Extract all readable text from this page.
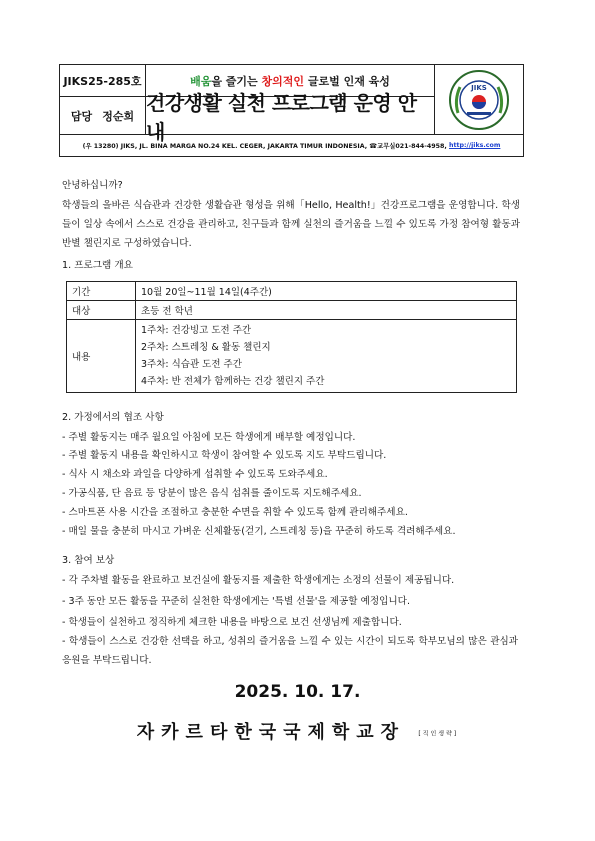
JIKS25-285호
담당 정순희
배움 을 즐기는 창의적인 글로벌 인재 육성
건강생활 실천 프로그램 운영 안내
JIKS
(우 13280) JIKS, JL. BINA MARGA NO.24 KEL. CEGER, JAKARTA TIMUR INDONESIA, ☎교무실021-844-4958, http://jiks.com
안녕하십니까?
학생들의 올바른 식습관과 건강한 생활습관 형성을 위해「Hello, Health!」건강프로그램을 운영합니다. 학생들이 일상 속에서 스스로 건강을 관리하고, 친구들과 함께 실천의 즐거움을 느낄 수 있도록 가정 참여형 활동과 반별 챌린지로 구성하였습니다.
1. 프로그램 개요
기간	10월 20일~11월 14일(4주간)
대상	초등 전 학년
내용	1주차: 건강빙고 도전 주간
2주차: 스트레칭 & 활동 챌린지
3주차: 식습관 도전 주간
4주차: 반 전체가 함께하는 건강 챌린지 주간
2. 가정에서의 협조 사항
- 주별 활동지는 매주 월요일 아침에 모든 학생에게 배부할 예정입니다.
- 주별 활동지 내용을 확인하시고 학생이 참여할 수 있도록 지도 부탁드립니다.
- 식사 시 채소와 과일을 다양하게 섭취할 수 있도록 도와주세요.
- 가공식품, 단 음료 등 당분이 많은 음식 섭취를 줄이도록 지도해주세요.
- 스마트폰 사용 시간을 조절하고 충분한 수면을 취할 수 있도록 함께 관리해주세요.
- 매일 물을 충분히 마시고 가벼운 신체활동(걷기, 스트레칭 등)을 꾸준히 하도록 격려해주세요.
3. 참여 보상
- 각 주차별 활동을 완료하고 보건실에 활동지를 제출한 학생에게는 소정의 선물이 제공됩니다.
- 3주 동안 모든 활동을 꾸준히 실천한 학생에게는 '특별 선물'을 제공할 예정입니다.
- 학생들이 실천하고 정직하게 체크한 내용을 바탕으로 보건 선생님께 제출합니다.
- 학생들이 스스로 건강한 선택을 하고, 성취의 즐거움을 느낄 수 있는 시간이 되도록 학부모님의 많은 관심과 응원을 부탁드립니다.
2025. 10. 17.
자카르타한국국제학교장 [직인생략]
